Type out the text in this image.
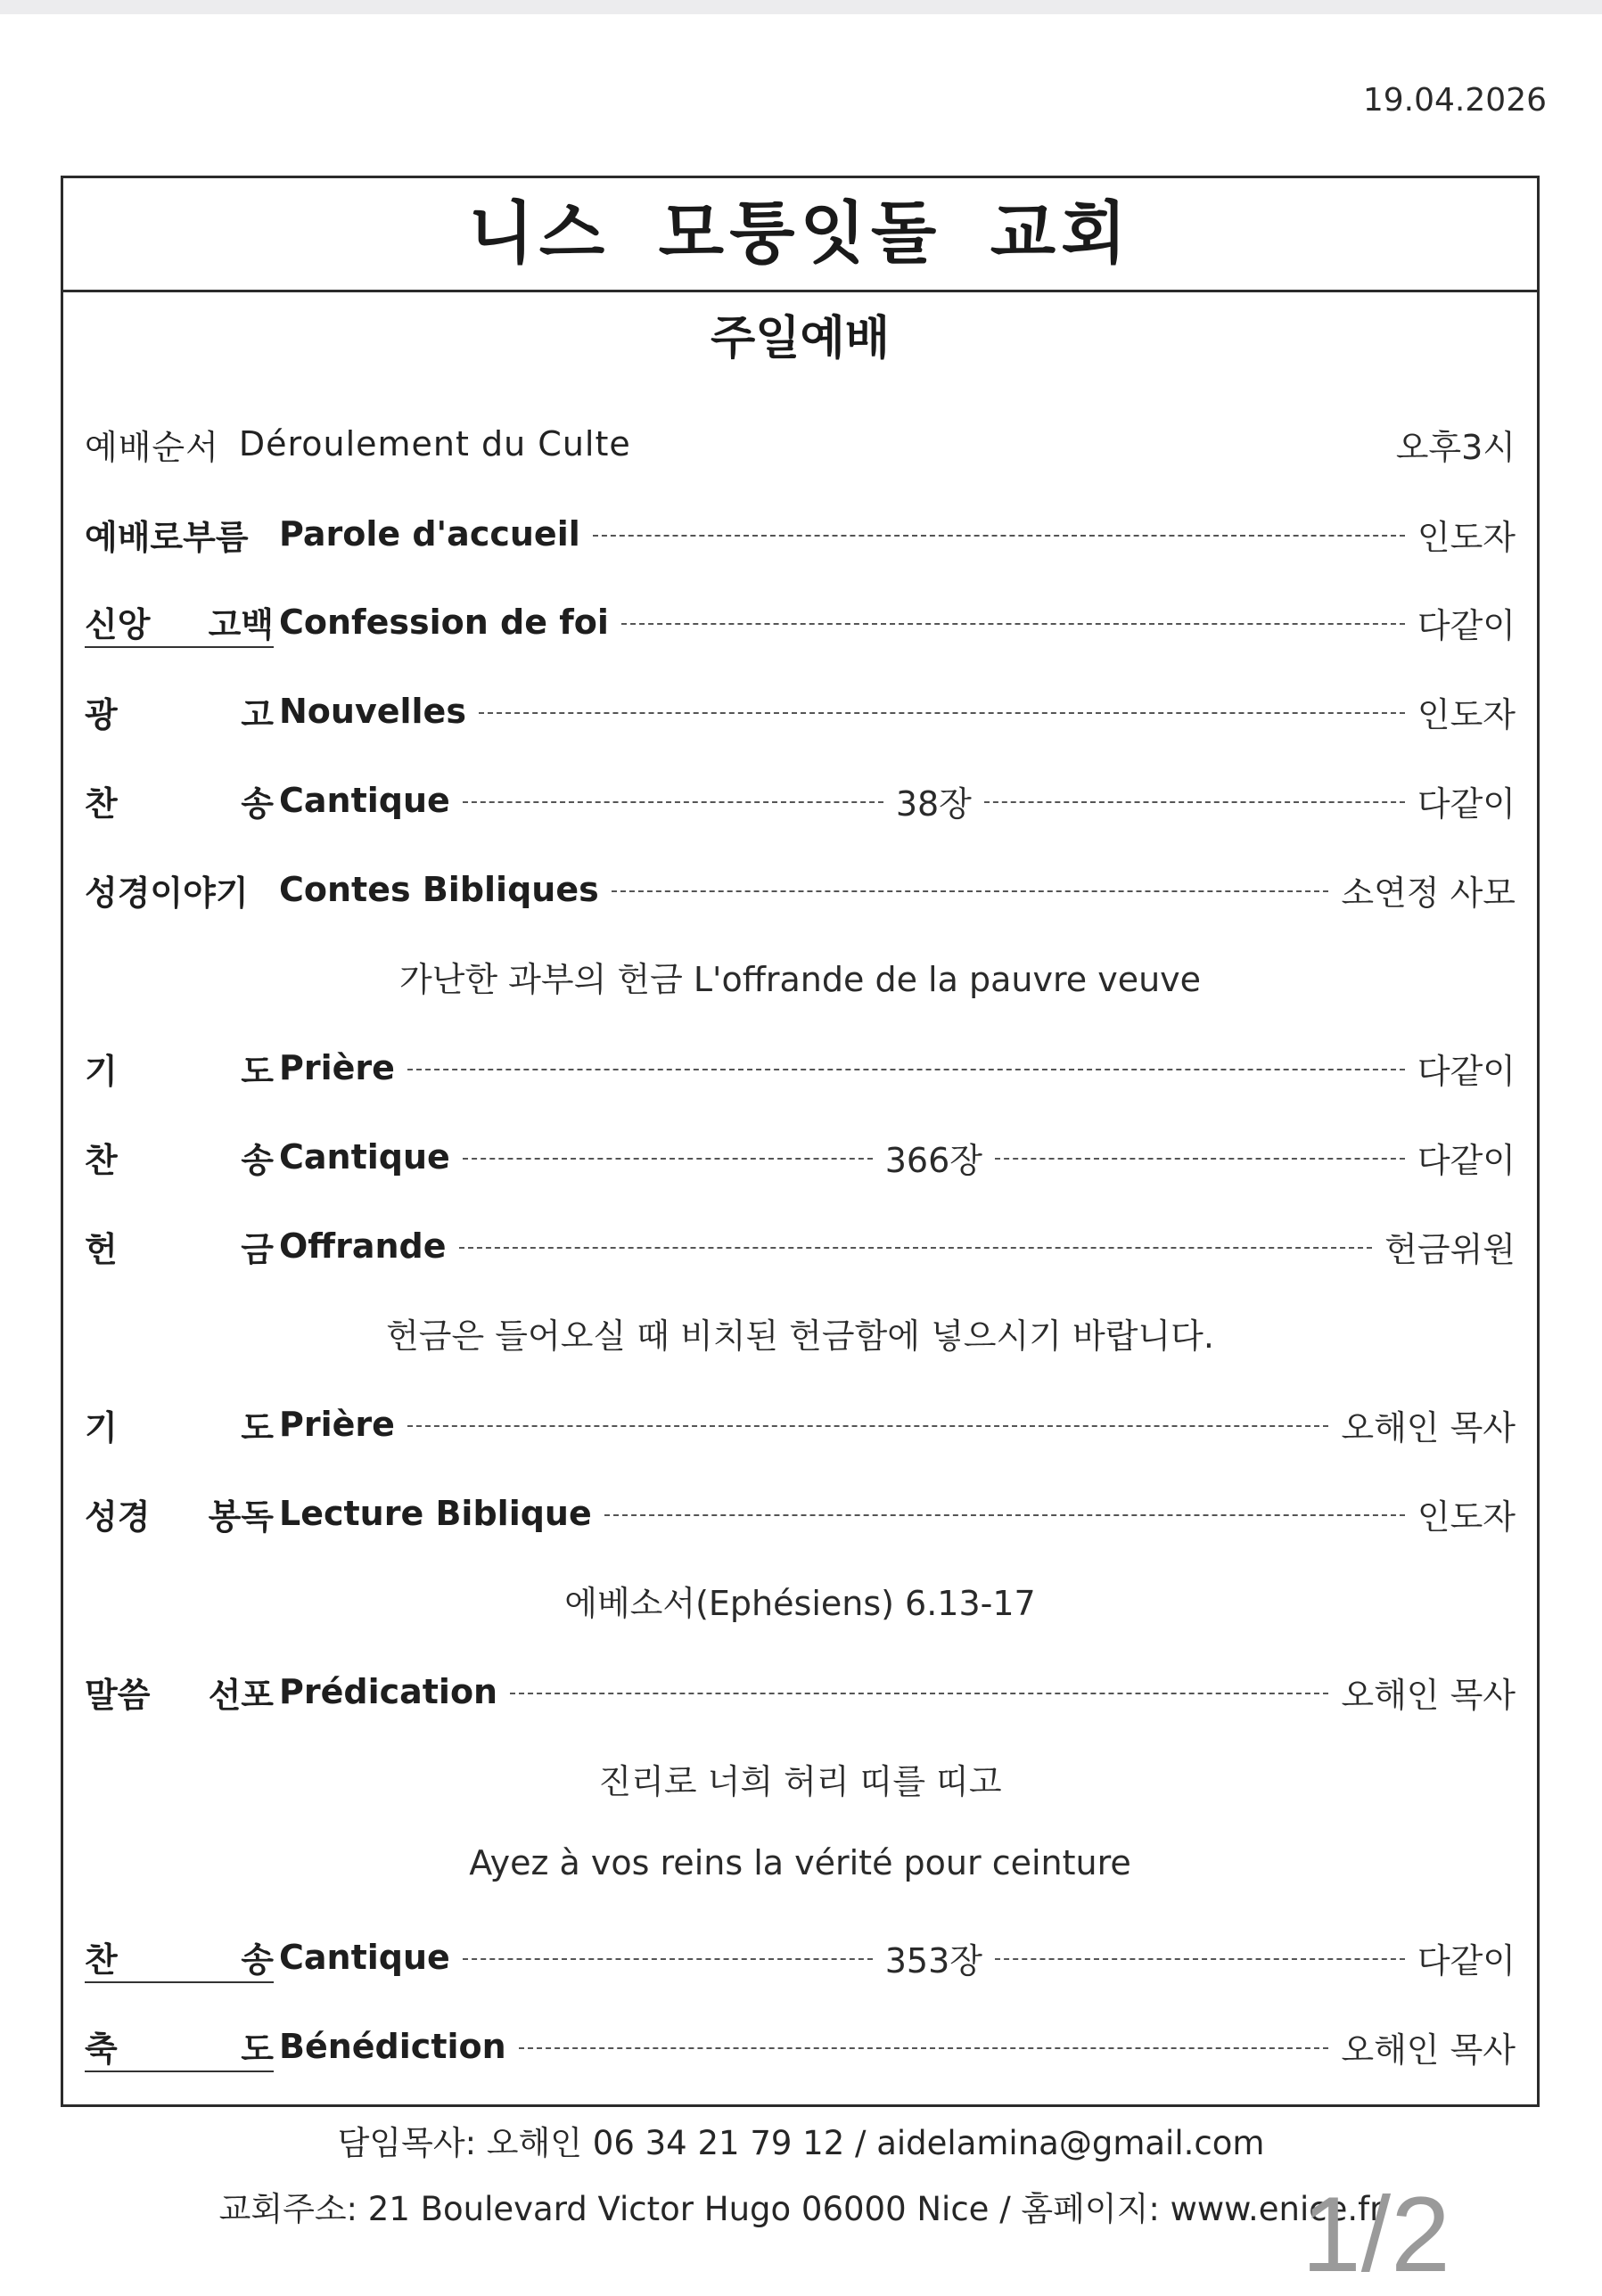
19.04.2026
니스 모퉁잇돌 교회
주일예배
예배순서 Déroulement du Culte	오후3시
예배로부름 Parole d'accueil	인도자
신앙 고백 Confession de foi	다같이
광	고 Nouvelles	인도자
찬	송 Cantique	38장	다같이
성경이야기 Contes Bibliques	소연정 사모
가난한 과부의 헌금 L'offrande de la pauvre veuve
기	도 Prière	다같이
찬	송 Cantique	366장	다같이
헌	금 Offrande	헌금위원
헌금은 들어오실 때 비치된 헌금함에 넣으시기 바랍니다.
기	도 Prière	오해인 목사
성경 봉독 Lecture Biblique	인도자
에베소서(Ephésiens) 6.13-17
말씀 선포 Prédication	오해인 목사
진리로 너희 허리 띠를 띠고
Ayez à vos reins la vérité pour ceinture
찬	송 Cantique	353장	다같이
축	도 Bénédiction	오해인 목사
담임목사: 오해인 06 34 21 79 12 / aidelamina@gmail.com
교회주소: 21 Boulevard Victor Hugo 06000 Nice / 홈페이지: www.enice.fr
1/2
